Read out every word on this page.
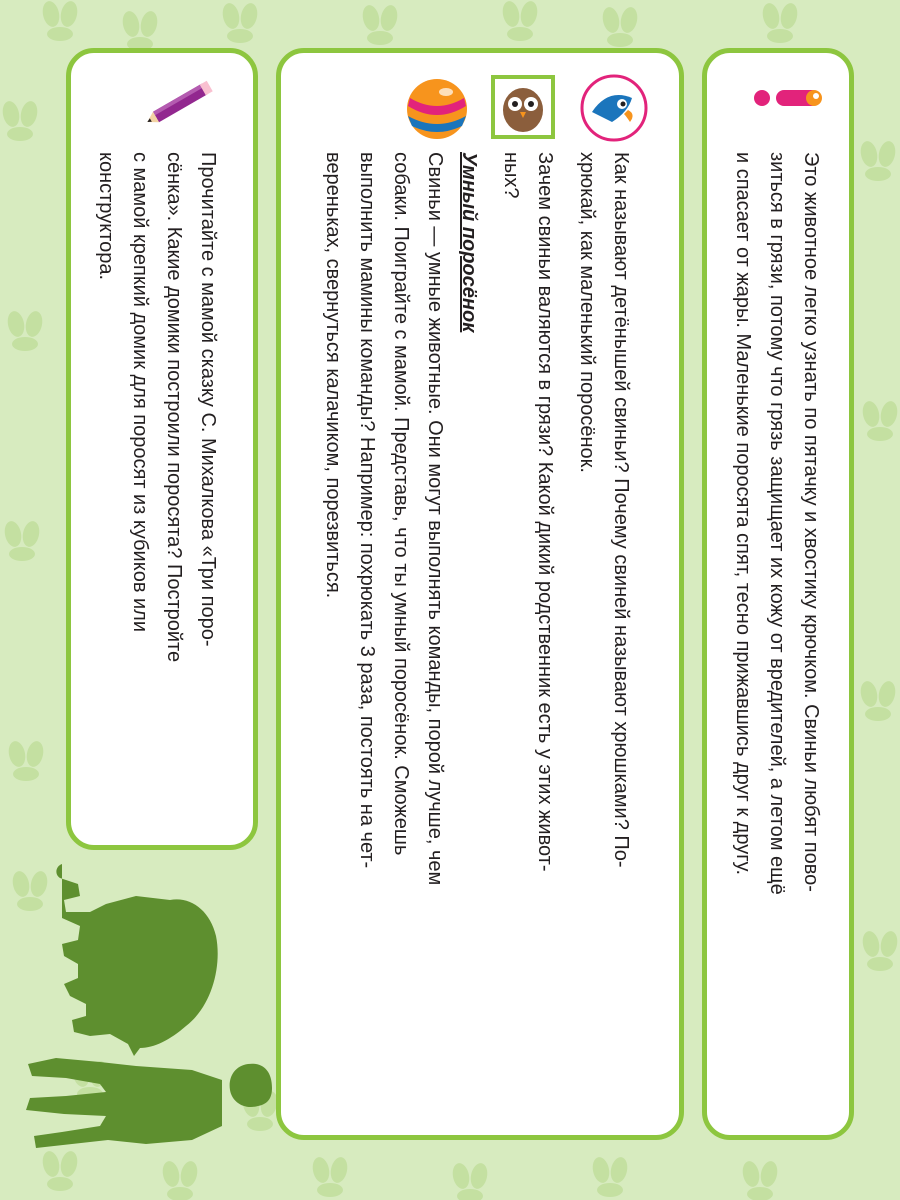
Это животное легко узнать по пятачку и хвостику крючком. Свиньи любят пово-

зиться в грязи, потому что грязь защищает их кожу от вредителей, а летом ещё

и спасает от жары. Маленькие поросята спят, тесно прижавшись друг к другу.

Как называют детёнышей свиньи? Почему свиней называют хрюшками? По-

хрюкай, как маленький поросёнок.

Зачем свиньи валяются в грязи? Какой дикий родственник есть у этих живот-

ных?

Умный поросёнок

Свиньи — умные животные. Они могут выполнять команды, порой лучше, чем

собаки. Поиграйте с мамой. Представь, что ты умный поросёнок. Сможешь

выполнить мамины команды? Например: похрюкать 3 раза, постоять на чет-

вереньках, свернуться калачиком, порезвиться.

Прочитайте с мамой сказку С. Михалкова «Три поро-

сёнка». Какие домики построили поросята? Постройте

с мамой крепкий домик для поросят из кубиков или

конструктора.
